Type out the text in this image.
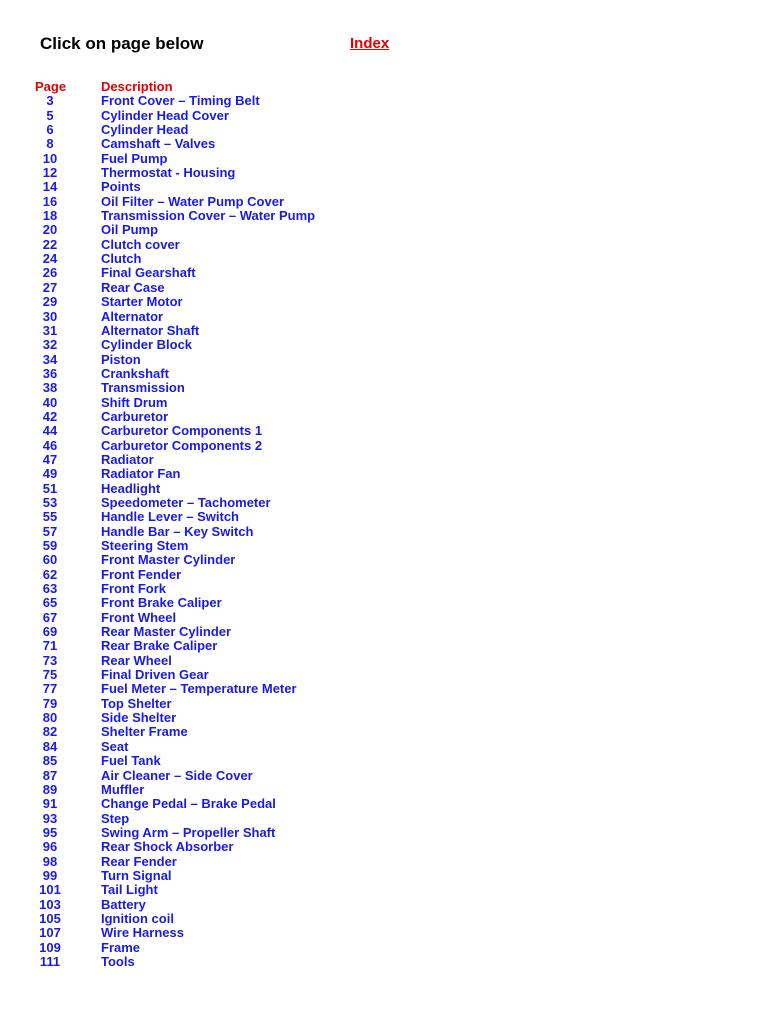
Click on page below	Index
Page	Description
3	Front Cover – Timing Belt
5	Cylinder Head Cover
6	Cylinder Head
8	Camshaft – Valves
10	Fuel Pump
12	Thermostat - Housing
14	Points
16	Oil Filter – Water Pump Cover
18	Transmission Cover – Water Pump
20	Oil Pump
22	Clutch cover
24	Clutch
26	Final Gearshaft
27	Rear Case
29	Starter Motor
30	Alternator
31	Alternator Shaft
32	Cylinder Block
34	Piston
36	Crankshaft
38	Transmission
40	Shift Drum
42	Carburetor
44	Carburetor Components 1
46	Carburetor Components 2
47	Radiator
49	Radiator Fan
51	Headlight
53	Speedometer – Tachometer
55	Handle Lever – Switch
57	Handle Bar – Key Switch
59	Steering Stem
60	Front Master Cylinder
62	Front Fender
63	Front Fork
65	Front Brake Caliper
67	Front Wheel
69	Rear Master Cylinder
71	Rear Brake Caliper
73	Rear Wheel
75	Final Driven Gear
77	Fuel Meter – Temperature Meter
79	Top Shelter
80	Side Shelter
82	Shelter Frame
84	Seat
85	Fuel Tank
87	Air Cleaner – Side Cover
89	Muffler
91	Change Pedal – Brake Pedal
93	Step
95	Swing Arm – Propeller Shaft
96	Rear Shock Absorber
98	Rear Fender
99	Turn Signal
101	Tail Light
103	Battery
105	Ignition coil
107	Wire Harness
109	Frame
111	Tools
